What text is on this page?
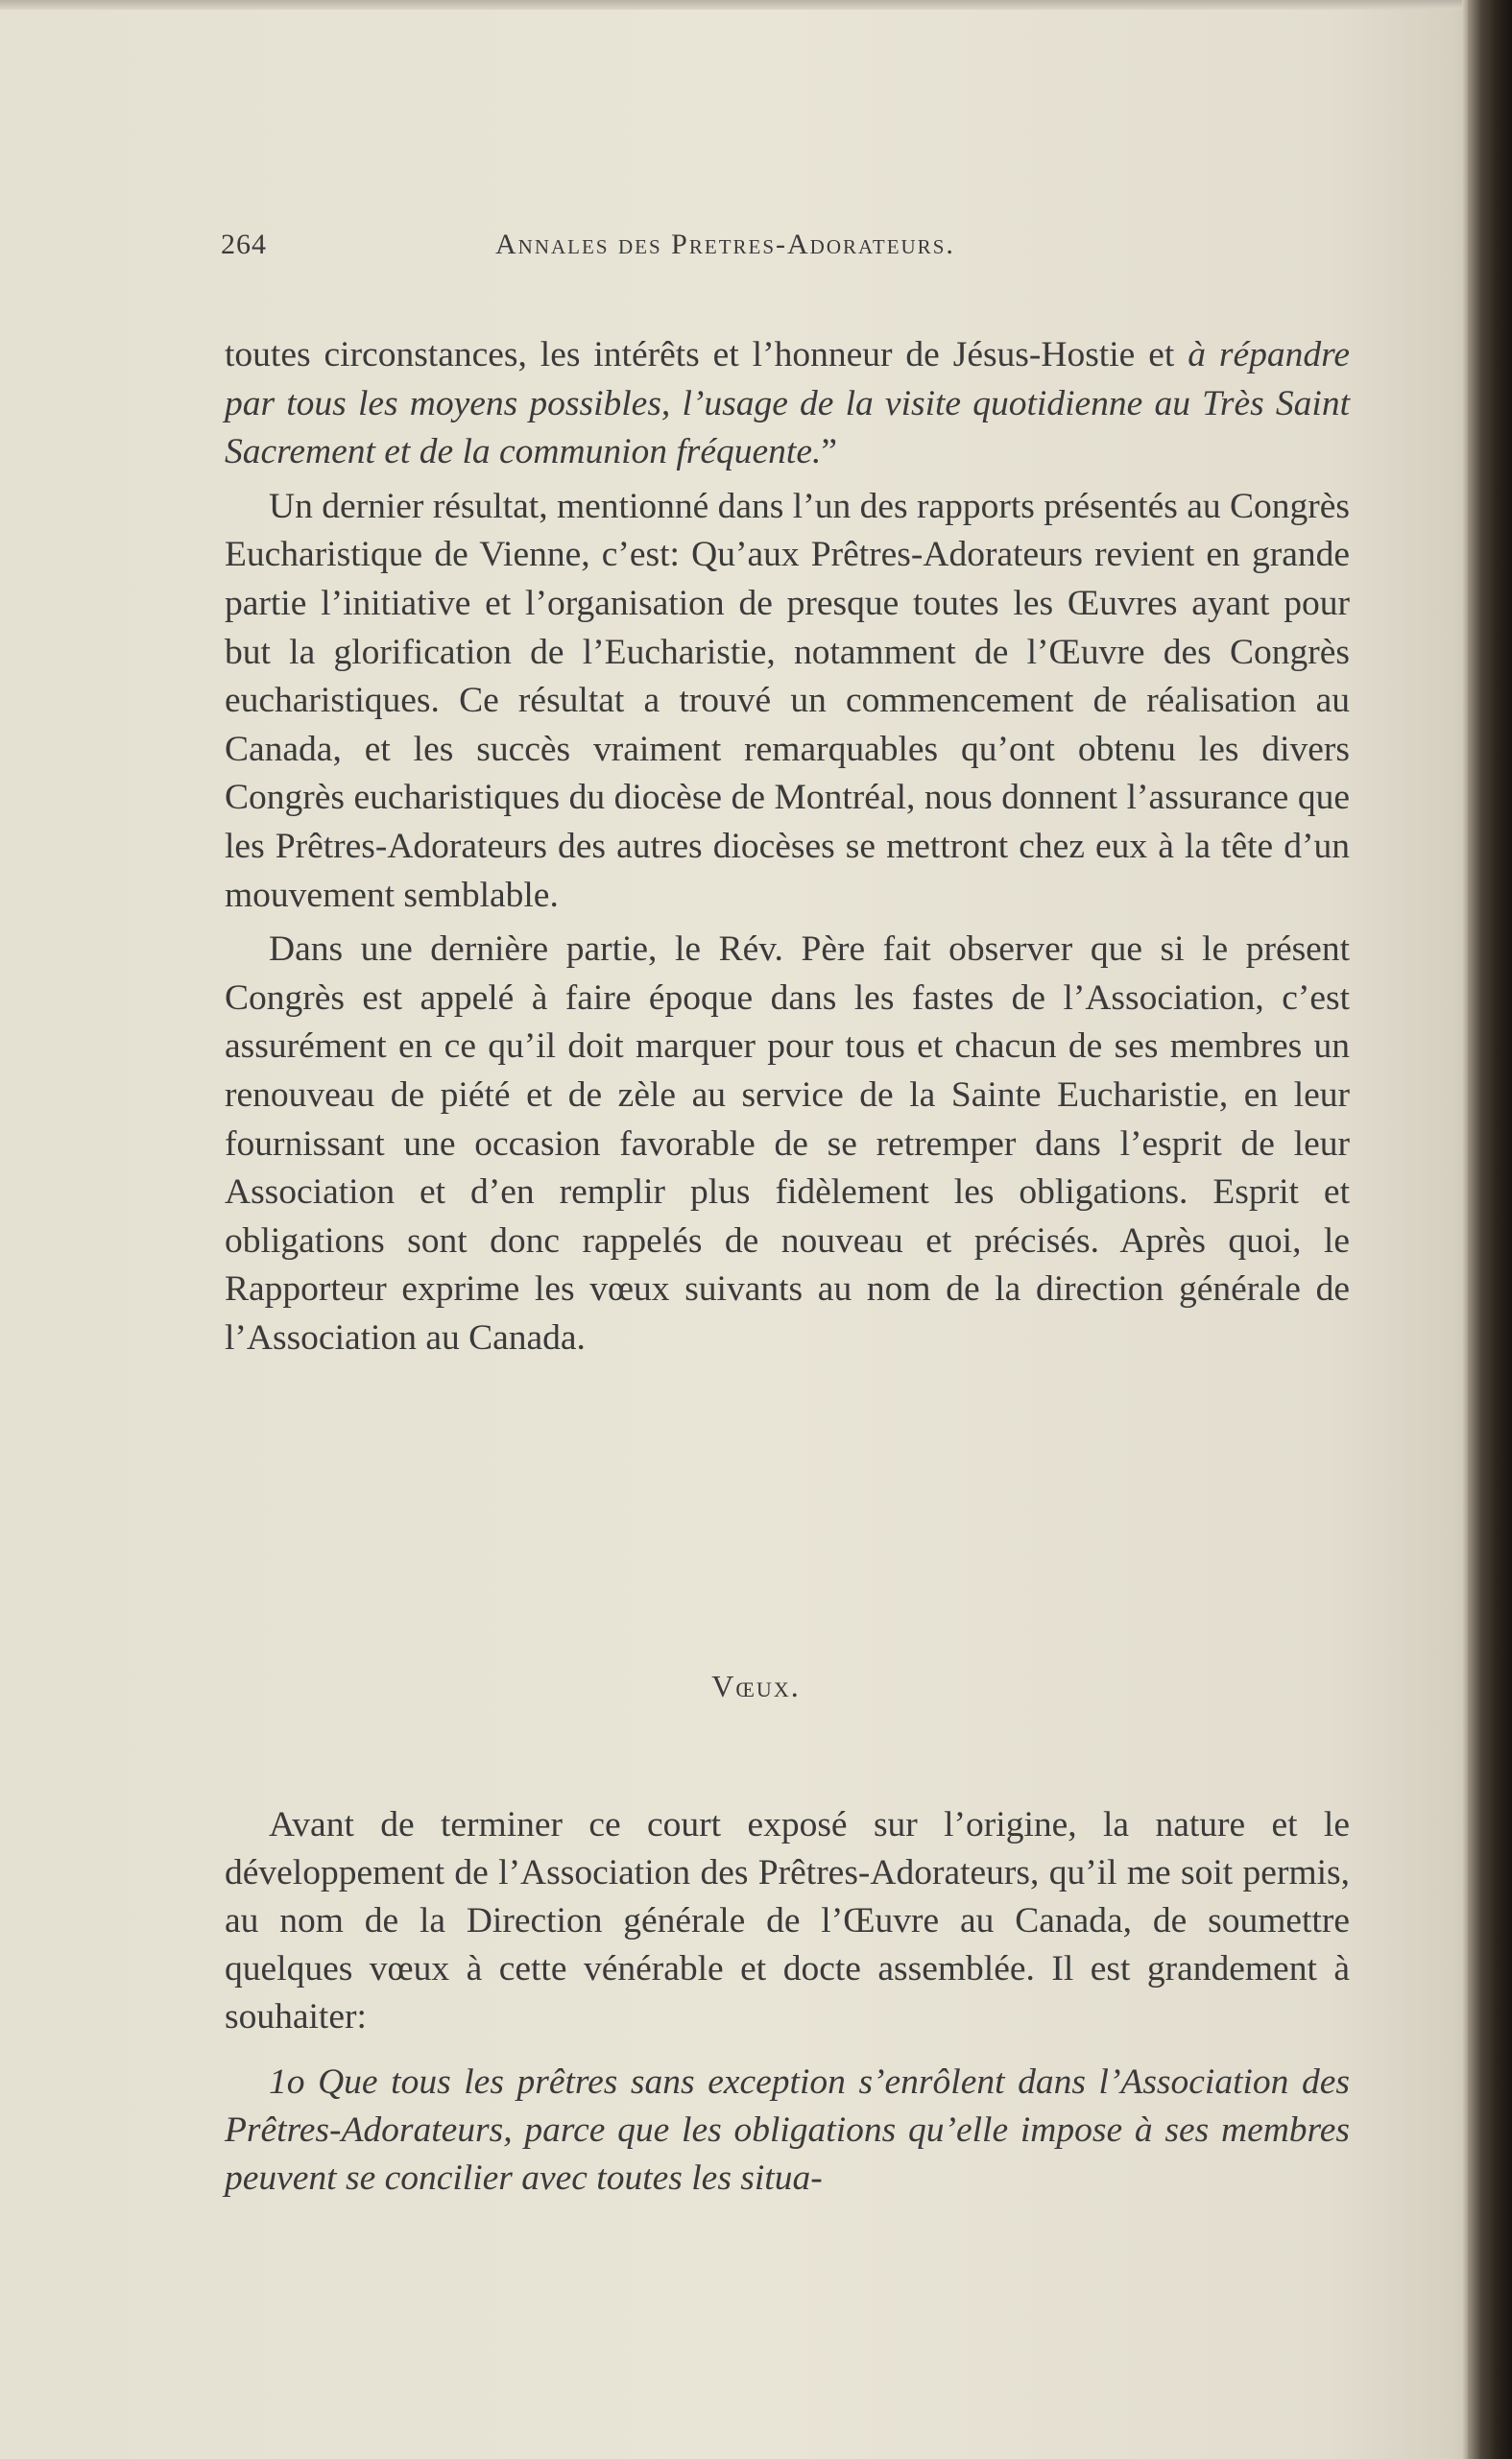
264	Annales des Pretres-Adorateurs.

toutes circonstances, les intérêts et l’honneur de Jésus-Hostie et à répandre par tous les moyens possibles, l’usage de la visite quotidienne au Très Saint Sacrement et de la communion fréquente.”

Un dernier résultat, mentionné dans l’un des rapports présentés au Congrès Eucharistique de Vienne, c’est: Qu’aux Prêtres-Adorateurs revient en grande partie l’initiative et l’organisation de presque toutes les Œuvres ayant pour but la glorification de l’Eucharistie, notamment de l’Œuvre des Congrès eucharistiques. Ce résultat a trouvé un commencement de réalisation au Canada, et les succès vraiment remarquables qu’ont obtenu les divers Congrès eucharistiques du diocèse de Montréal, nous donnent l’assurance que les Prêtres-Adorateurs des autres diocèses se mettront chez eux à la tête d’un mouvement semblable.

Dans une dernière partie, le Rév. Père fait observer que si le présent Congrès est appelé à faire époque dans les fastes de l’Association, c’est assurément en ce qu’il doit marquer pour tous et chacun de ses membres un renouveau de piété et de zèle au service de la Sainte Eucharistie, en leur fournissant une occasion favorable de se retremper dans l’esprit de leur Association et d’en remplir plus fidèlement les obligations. Esprit et obligations sont donc rappelés de nouveau et précisés. Après quoi, le Rapporteur exprime les vœux suivants au nom de la direction générale de l’Association au Canada.

Vœux.

Avant de terminer ce court exposé sur l’origine, la nature et le développement de l’Association des Prêtres-Adorateurs, qu’il me soit permis, au nom de la Direction générale de l’Œuvre au Canada, de soumettre quelques vœux à cette vénérable et docte assemblée. Il est grandement à souhaiter:

1o Que tous les prêtres sans exception s’enrôlent dans l’Association des Prêtres-Adorateurs, parce que les obligations qu’elle impose à ses membres peuvent se concilier avec toutes les situa-
